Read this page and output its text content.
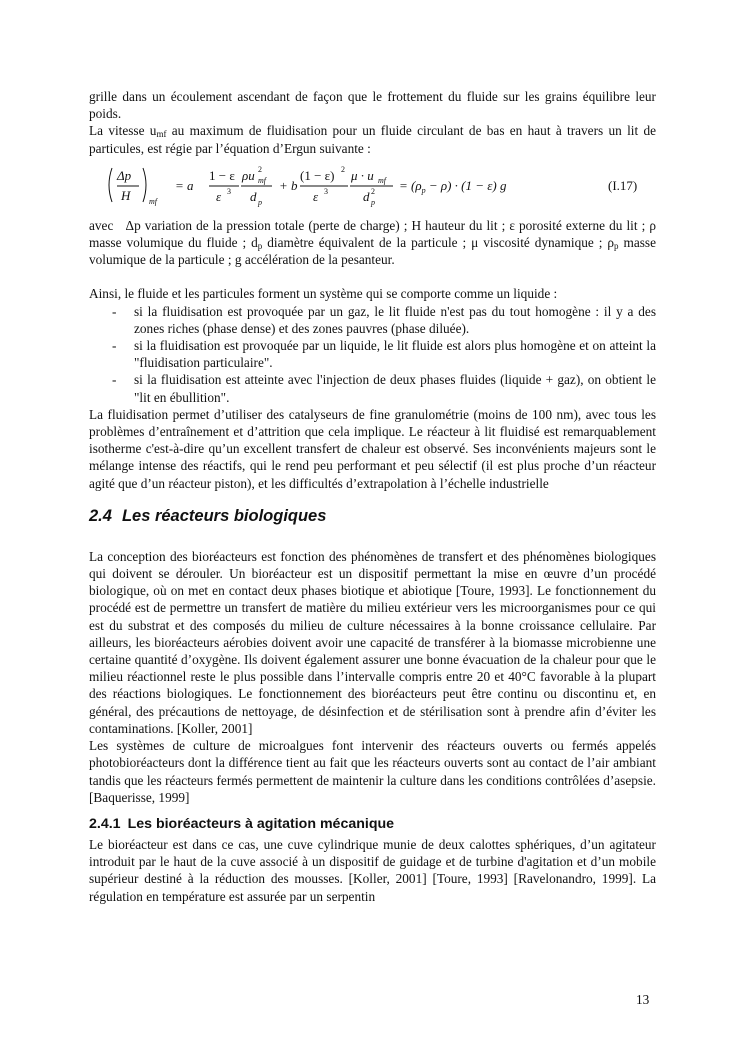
grille dans un écoulement ascendant de façon que le frottement du fluide sur les grains équilibre leur poids.

La vitesse $u_{mf}$ au maximum de fluidisation pour un fluide circulant de bas en haut à travers un lit de particules, est régie par l’équation d’Ergun suivante :

Δp
H mf
= a
1 − ε
ε 3
ρu 2
mf
d p
+ b
(1 − ε) 2
ε 3
μ · u mf
d 2
p
= $(\rho_p - \rho) \cdot (1 - \varepsilon)$ g	(I.17)

avec Δp variation de la pression totale (perte de charge) ; H hauteur du lit ; ε porosité externe du lit ; ρ masse volumique du fluide ; $d_p$ diamètre équivalent de la particule ; μ viscosité dynamique ; $\rho_p$ masse volumique de la particule ; g accélération de la pesanteur.

Ainsi, le fluide et les particules forment un système qui se comporte comme un liquide :

- si la fluidisation est provoquée par un gaz, le lit fluide n'est pas du tout homogène : il y a des zones riches (phase dense) et des zones pauvres (phase diluée).
- si la fluidisation est provoquée par un liquide, le lit fluide est alors plus homogène et on atteint la "fluidisation particulaire".
- si la fluidisation est atteinte avec l'injection de deux phases fluides (liquide + gaz), on obtient le "lit en ébullition".

La fluidisation permet d’utiliser des catalyseurs de fine granulométrie (moins de 100 nm), avec tous les problèmes d’entraînement et d’attrition que cela implique. Le réacteur à lit fluidisé est remarquablement isotherme c'est-à-dire qu’un excellent transfert de chaleur est observé. Ses inconvénients majeurs sont le mélange intense des réactifs, qui le rend peu performant et peu sélectif (il est plus proche d’un réacteur agité que d’un réacteur piston), et les difficultés d’extrapolation à l’échelle industrielle

2.4 Les réacteurs biologiques

La conception des bioréacteurs est fonction des phénomènes de transfert et des phénomènes biologiques qui doivent se dérouler. Un bioréacteur est un dispositif permettant la mise en œuvre d’un procédé biologique, où on met en contact deux phases biotique et abiotique [Toure, 1993]. Le fonctionnement du procédé est de permettre un transfert de matière du milieu extérieur vers les microorganismes pour ce qui est du substrat et des composés du milieu de culture nécessaires à la bonne croissance cellulaire. Par ailleurs, les bioréacteurs aérobies doivent avoir une capacité de transférer à la biomasse microbienne une certaine quantité d’oxygène. Ils doivent également assurer une bonne évacuation de la chaleur pour que le milieu réactionnel reste le plus possible dans l’intervalle compris entre 20 et 40°C favorable à la plupart des réactions biologiques. Le fonctionnement des bioréacteurs peut être continu ou discontinu et, en général, des précautions de nettoyage, de désinfection et de stérilisation sont à prendre afin d’éviter les contaminations. [Koller, 2001]

Les systèmes de culture de microalgues font intervenir des réacteurs ouverts ou fermés appelés photobioréacteurs dont la différence tient au fait que les réacteurs ouverts sont au contact de l’air ambiant tandis que les réacteurs fermés permettent de maintenir la culture dans les conditions contrôlées d’asepsie.[Baquerisse, 1999]

2.4.1 Les bioréacteurs à agitation mécanique

Le bioréacteur est dans ce cas, une cuve cylindrique munie de deux calottes sphériques, d’un agitateur introduit par le haut de la cuve associé à un dispositif de guidage et de turbine d'agitation et d’un mobile supérieur destiné à la réduction des mousses. [Koller, 2001] [Toure, 1993] [Ravelonandro, 1999]. La régulation en température est assurée par un serpentin

13
